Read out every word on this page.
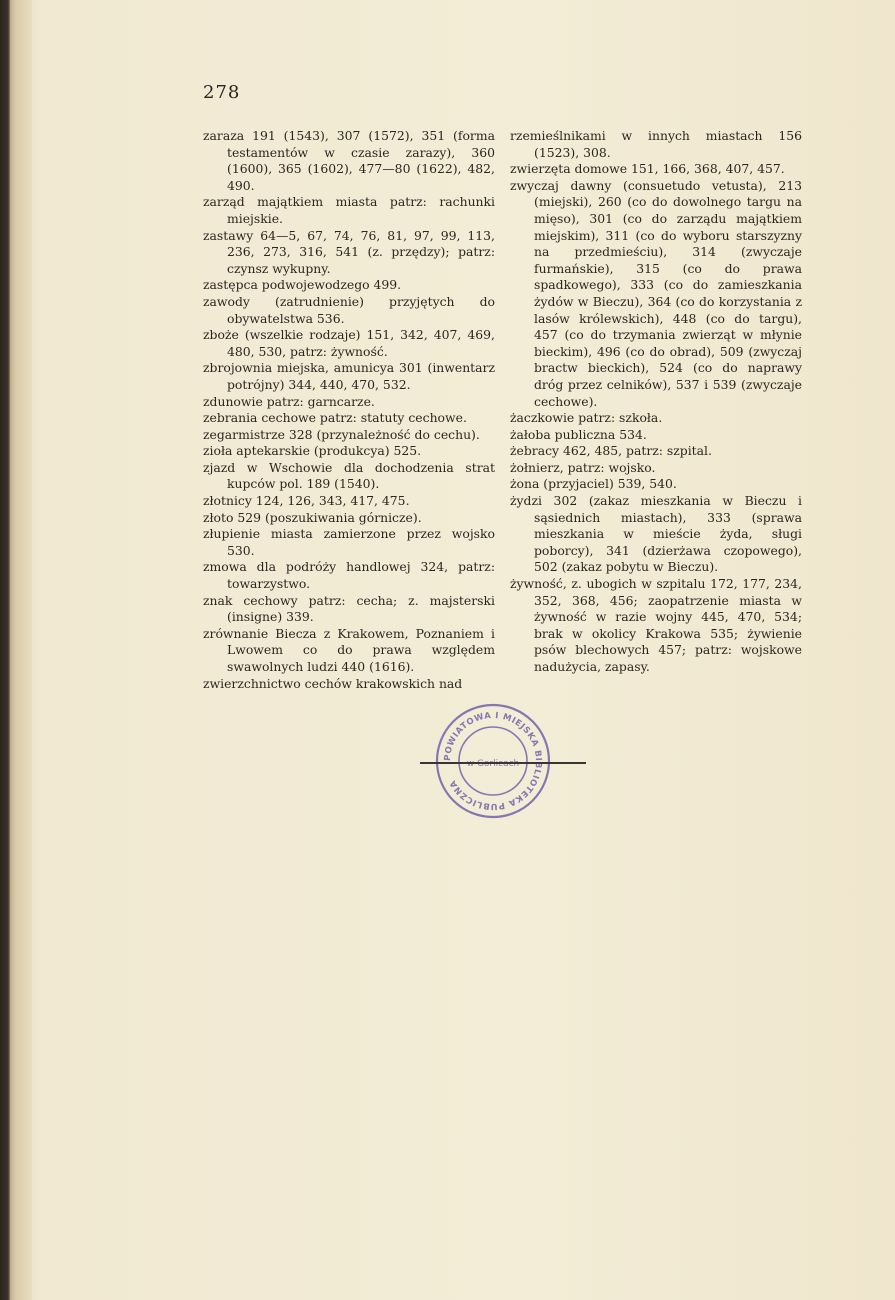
278

zaraza 191 (1543), 307 (1572), 351 (forma testamentów w czasie zarazy), 360 (1600), 365 (1602), 477—80 (1622), 482, 490.

zarząd majątkiem miasta patrz: rachunki miejskie.

zastawy 64—5, 67, 74, 76, 81, 97, 99, 113, 236, 273, 316, 541 (z. przędzy); patrz: czynsz wykupny.

zastępca podwojewodzego 499.

zawody (zatrudnienie) przyjętych do obywatelstwa 536.

zboże (wszelkie rodzaje) 151, 342, 407, 469, 480, 530, patrz: żywność.

zbrojownia miejska, amunicya 301 (inwentarz potrójny) 344, 440, 470, 532.

zdunowie patrz: garncarze.

zebrania cechowe patrz: statuty cechowe.

zegarmistrze 328 (przynależność do cechu).

zioła aptekarskie (produkcya) 525.

zjazd w Wschowie dla dochodzenia strat kupców pol. 189 (1540).

złotnicy 124, 126, 343, 417, 475.

złoto 529 (poszukiwania górnicze).

złupienie miasta zamierzone przez wojsko 530.

zmowa dla podróży handlowej 324, patrz: towarzystwo.

znak cechowy patrz: cecha; z. majsterski (insigne) 339.

zrównanie Biecza z Krakowem, Poznaniem i Lwowem co do prawa względem swawolnych ludzi 440 (1616).

zwierzchnictwo cechów krakowskich nad

rzemieślnikami w innych miastach 156 (1523), 308.

zwierzęta domowe 151, 166, 368, 407, 457.

zwyczaj dawny (consuetudo vetusta), 213 (miejski), 260 (co do dowolnego targu na mięso), 301 (co do zarządu majątkiem miejskim), 311 (co do wyboru starszyzny na przedmieściu), 314 (zwyczaje furmańskie), 315 (co do prawa spadkowego), 333 (co do zamieszkania żydów w Bieczu), 364 (co do korzystania z lasów królewskich), 448 (co do targu), 457 (co do trzymania zwierząt w młynie bieckim), 496 (co do obrad), 509 (zwyczaj bractw bieckich), 524 (co do naprawy dróg przez celników), 537 i 539 (zwyczaje cechowe).

żaczkowie patrz: szkoła.

żałoba publiczna 534.

żebracy 462, 485, patrz: szpital.

żołnierz, patrz: wojsko.

żona (przyjaciel) 539, 540.

żydzi 302 (zakaz mieszkania w Bieczu i sąsiednich miastach), 333 (sprawa mieszkania w mieście żyda, sługi poborcy), 341 (dzierżawa czopowego), 502 (zakaz pobytu w Bieczu).

żywność, z. ubogich w szpitalu 172, 177, 234, 352, 368, 456; zaopatrzenie miasta w żywność w razie wojny 445, 470, 534; brak w okolicy Krakowa 535; żywienie psów blechowych 457; patrz: wojskowe nadużycia, zapasy.

POWIATOWA I MIEJSKA BIBLIOTEKA PUBLICZNA
w Gorlicach
